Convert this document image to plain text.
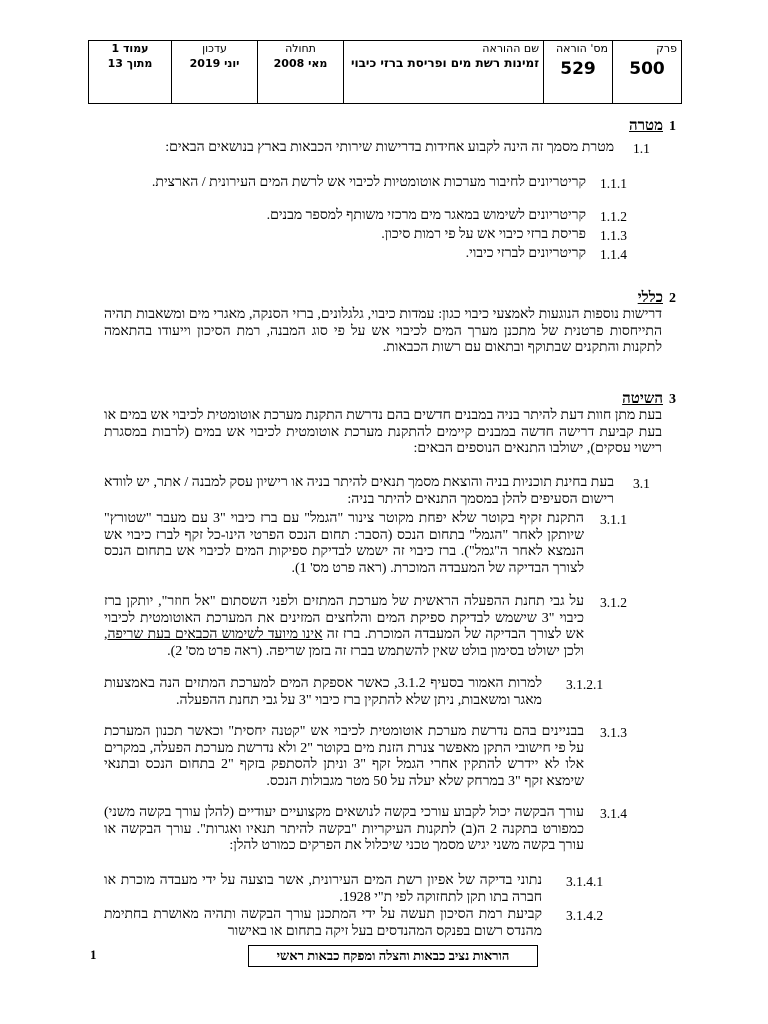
פרק
500

מס' הוראה
529

שם ההוראה
זמינות רשת מים ופריסת ברזי כיבוי

תחולה
מאי 2008

עדכון
יוני 2019

עמוד 1
מתוך 13
1
מטרה
1.1

מטרת מסמך זה הינה לקבוע אחידות בדרישות שירותי הכבאות בארץ בנושאים הבאים:

1.1.1

קריטריונים לחיבור מערכות אוטומטיות לכיבוי אש לרשת המים העירונית / הארצית.

1.1.2

קריטריונים לשימוש במאגר מים מרכזי משותף למספר מבנים.

1.1.3

פריסת ברזי כיבוי אש על פי רמות סיכון.

1.1.4

קריטריונים לברזי כיבוי.

2
כללי

דרישות נוספות הנוגעות לאמצעי כיבוי כגון: עמדות כיבוי, גלגלונים, ברזי הסנקה, מאגרי מים ומשאבות תהיה התייחסות פרטנית של מתכנן מערך המים לכיבוי אש על פי סוג המבנה, רמת הסיכון וייעודו בהתאמה לתקנות והתקנים שבתוקף ובתאום עם רשות הכבאות.

3
השיטה

בעת מתן חוות דעת להיתר בניה במבנים חדשים בהם נדרשת התקנת מערכת אוטומטית לכיבוי אש במים או בעת קביעת דרישה חדשה במבנים קיימים להתקנת מערכת אוטומטית לכיבוי אש במים (לרבות במסגרת רישוי עסקים), ישולבו התנאים הנוספים הבאים:

3.1

בעת בחינת תוכניות בניה והוצאת מסמך תנאים להיתר בניה או רישיון עסק למבנה / אתר, יש לוודא רישום הסעיפים להלן במסמך התנאים להיתר בניה:

3.1.1

התקנת זקיף בקוטר שלא יפחת מקוטר צינור "הגמל" עם ברז כיבוי "3 עם מעבר "שטורץ" שיותקן לאחר "הגמל" בתחום הנכס (הסבר: תחום הנכס הפרטי הינו-כל זקף לברז כיבוי אש הנמצא לאחר ה"גמל"). ברז כיבוי זה ישמש לבדיקת ספיקות המים לכיבוי אש בתחום הנכס לצורך הבדיקה של המעבדה המוכרת. (ראה פרט מס' 1).

3.1.2

על גבי תחנת ההפעלה הראשית של מערכת המתזים ולפני השסתום "אל חוזר", יותקן ברז כיבוי "3 שישמש לבדיקת ספיקת המים והלחצים המזינים את המערכת האוטומטית לכיבוי אש לצורך הבדיקה של המעבדה המוכרת. ברז זה אינו מיועד לשימוש הכבאים בעת שריפה, ולכן ישולט בסימון בולט שאין להשתמש בברז זה בזמן שריפה. (ראה פרט מס' 2).

3.1.2.1

למרות האמור בסעיף 3.1.2, כאשר אספקת המים למערכת המתזים הנה באמצעות מאגר ומשאבות, ניתן שלא להתקין ברז כיבוי "3 על גבי תחנת ההפעלה.

3.1.3

בבניינים בהם נדרשת מערכת אוטומטית לכיבוי אש "קטנה יחסית" וכאשר תכנון המערכת על פי חישובי התקן מאפשר צנרת הזנת מים בקוטר "2 ולא נדרשת מערכת הפעלה, במקרים אלו לא יידרש להתקין אחרי הגמל זקף "3 וניתן להסתפק בזקף "2 בתחום הנכס ובתנאי שימצא זקף "3 במרחק שלא יעלה על 50 מטר מגבולות הנכס.

3.1.4

עורך הבקשה יכול לקבוע עורכי בקשה לנושאים מקצועיים יעודיים (להלן עורך בקשה משני) כמפורט בתקנה 2 ה(ב) לתקנות העיקריות "בקשה להיתר תנאיו ואגרות". עורך הבקשה או עורך בקשה משני יגיש מסמך טכני שיכלול את הפרקים כמורט להלן:

3.1.4.1

נתוני בדיקה של אפיון רשת המים העירונית, אשר בוצעה על ידי מעבדה מוכרת או חברה בתו תקן לתחזוקה לפי ת"י 1928.

3.1.4.2

קביעת רמת הסיכון תעשה על ידי המתכנן עורך הבקשה ותהיה מאושרת בחתימת מהנדס רשום בפנקס המהנדסים בעל זיקה בתחום או באישור

הוראות נציב כבאות והצלה ומפקח כבאות ראשי
1
